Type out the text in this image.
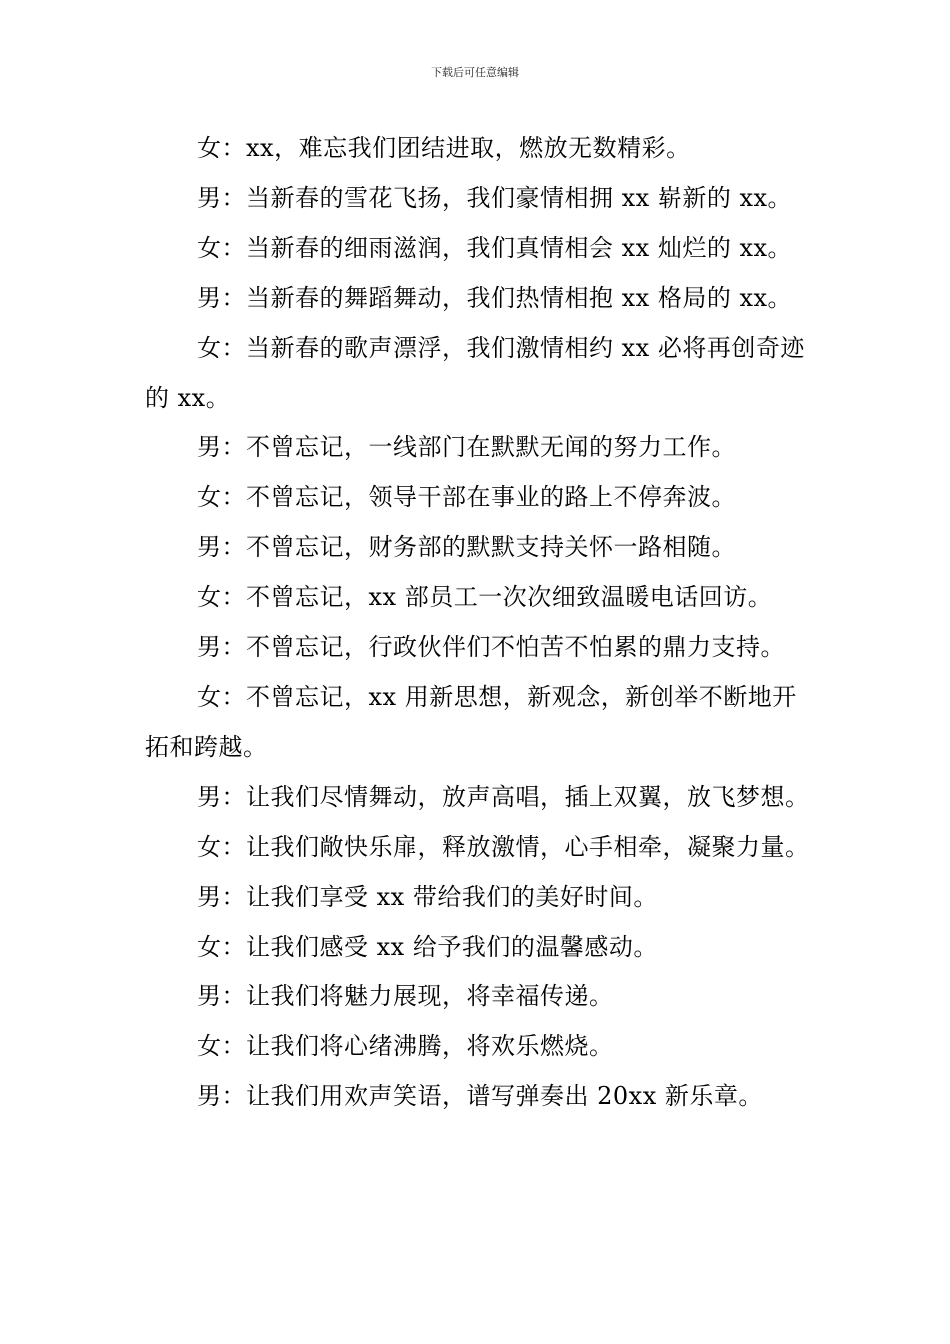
下载后可任意编辑

女：xx，难忘我们团结进取，燃放无数精彩。

男：当新春的雪花飞扬，我们豪情相拥 xx 崭新的 xx。

女：当新春的细雨滋润，我们真情相会 xx 灿烂的 xx。

男：当新春的舞蹈舞动，我们热情相抱 xx 格局的 xx。

女：当新春的歌声漂浮，我们激情相约 xx 必将再创奇迹的 xx。

男：不曾忘记，一线部门在默默无闻的努力工作。

女：不曾忘记，领导干部在事业的路上不停奔波。

男：不曾忘记，财务部的默默支持关怀一路相随。

女：不曾忘记，xx 部员工一次次细致温暖电话回访。

男：不曾忘记，行政伙伴们不怕苦不怕累的鼎力支持。

女：不曾忘记，xx 用新思想，新观念，新创举不断地开拓和跨越。

男：让我们尽情舞动，放声高唱，插上双翼，放飞梦想。

女：让我们敞快乐扉，释放激情，心手相牵，凝聚力量。

男：让我们享受 xx 带给我们的美好时间。

女：让我们感受 xx 给予我们的温馨感动。

男：让我们将魅力展现，将幸福传递。

女：让我们将心绪沸腾，将欢乐燃烧。

男：让我们用欢声笑语，谱写弹奏出 20xx 新乐章。
